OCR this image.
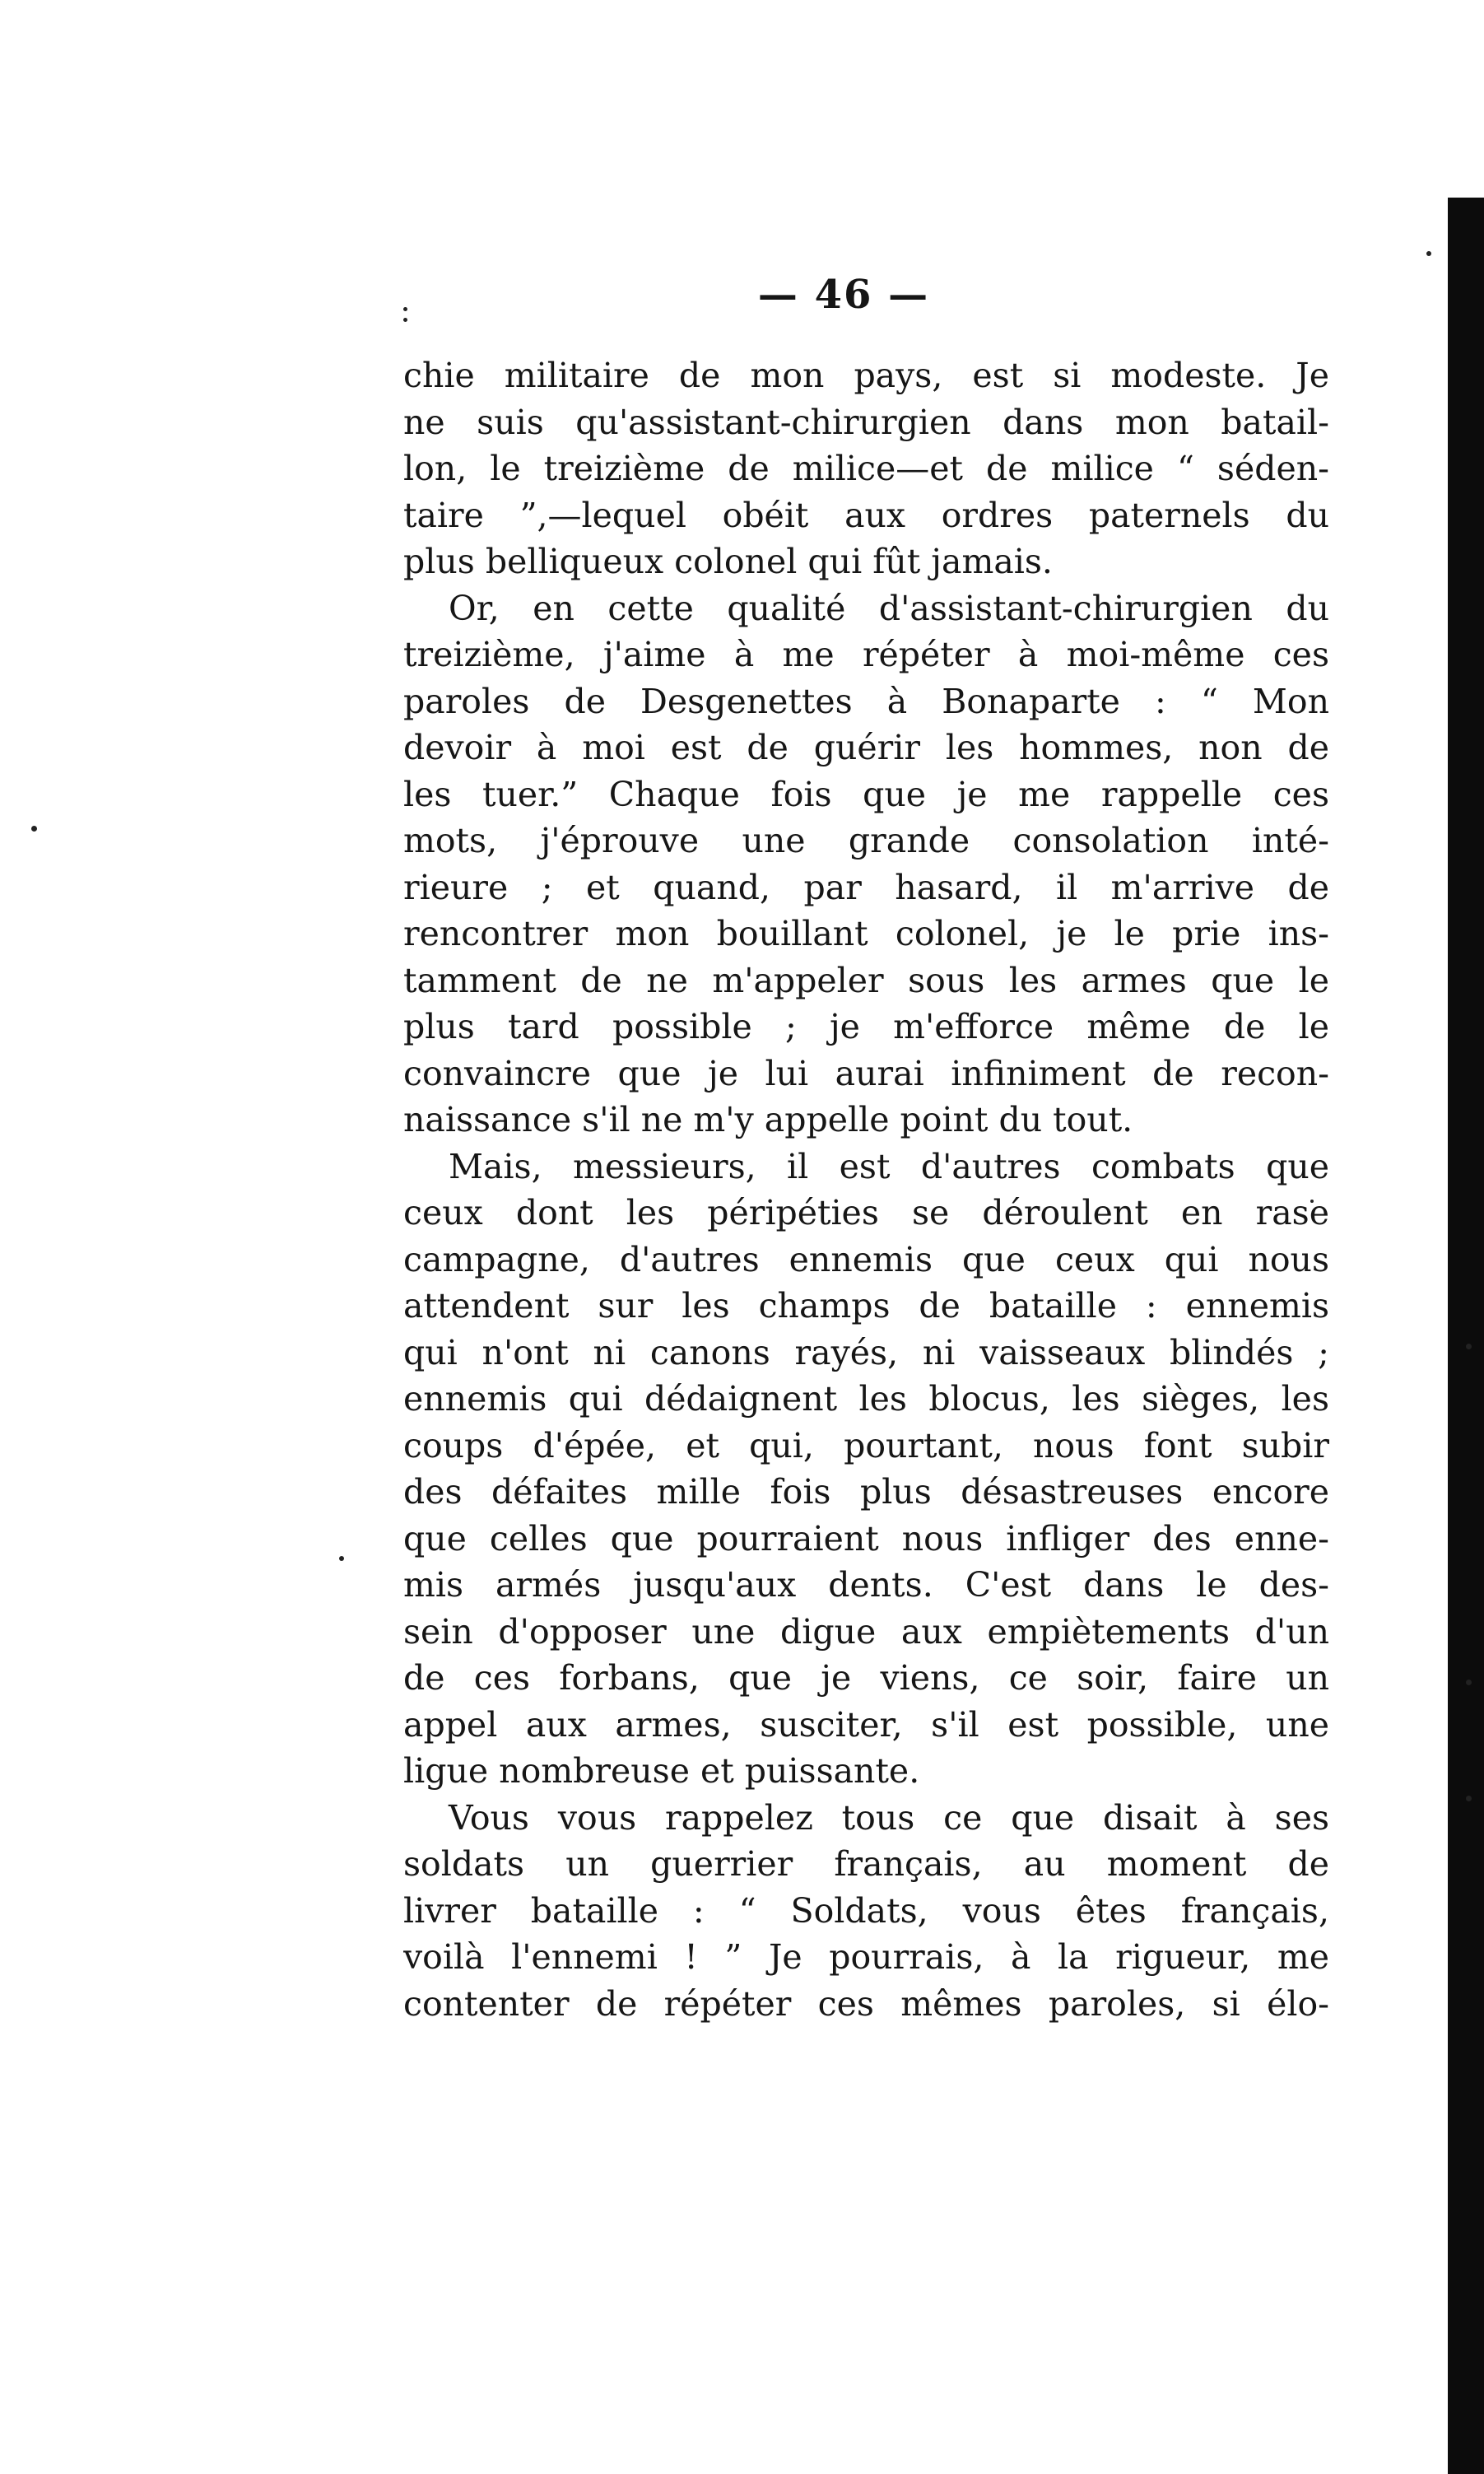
— 46 —
chie militaire de mon pays, est si modeste. Je
ne suis qu'assistant-chirurgien dans mon batail-
lon, le treizième de milice—et de milice “ séden-
taire ”,—lequel obéit aux ordres paternels du
plus belliqueux colonel qui fût jamais.
Or, en cette qualité d'assistant-chirurgien du
treizième, j'aime à me répéter à moi-même ces
paroles de Desgenettes à Bonaparte : “ Mon
devoir à moi est de guérir les hommes, non de
les tuer.” Chaque fois que je me rappelle ces
mots, j'éprouve une grande consolation inté-
rieure ; et quand, par hasard, il m'arrive de
rencontrer mon bouillant colonel, je le prie ins-
tamment de ne m'appeler sous les armes que le
plus tard possible ; je m'efforce même de le
convaincre que je lui aurai infiniment de recon-
naissance s'il ne m'y appelle point du tout.
Mais, messieurs, il est d'autres combats que
ceux dont les péripéties se déroulent en rase
campagne, d'autres ennemis que ceux qui nous
attendent sur les champs de bataille : ennemis
qui n'ont ni canons rayés, ni vaisseaux blindés ;
ennemis qui dédaignent les blocus, les sièges, les
coups d'épée, et qui, pourtant, nous font subir
des défaites mille fois plus désastreuses encore
que celles que pourraient nous infliger des enne-
mis armés jusqu'aux dents. C'est dans le des-
sein d'opposer une digue aux empiètements d'un
de ces forbans, que je viens, ce soir, faire un
appel aux armes, susciter, s'il est possible, une
ligue nombreuse et puissante.
Vous vous rappelez tous ce que disait à ses
soldats un guerrier français, au moment de
livrer bataille : “ Soldats, vous êtes français,
voilà l'ennemi ! ” Je pourrais, à la rigueur, me
contenter de répéter ces mêmes paroles, si élo-
